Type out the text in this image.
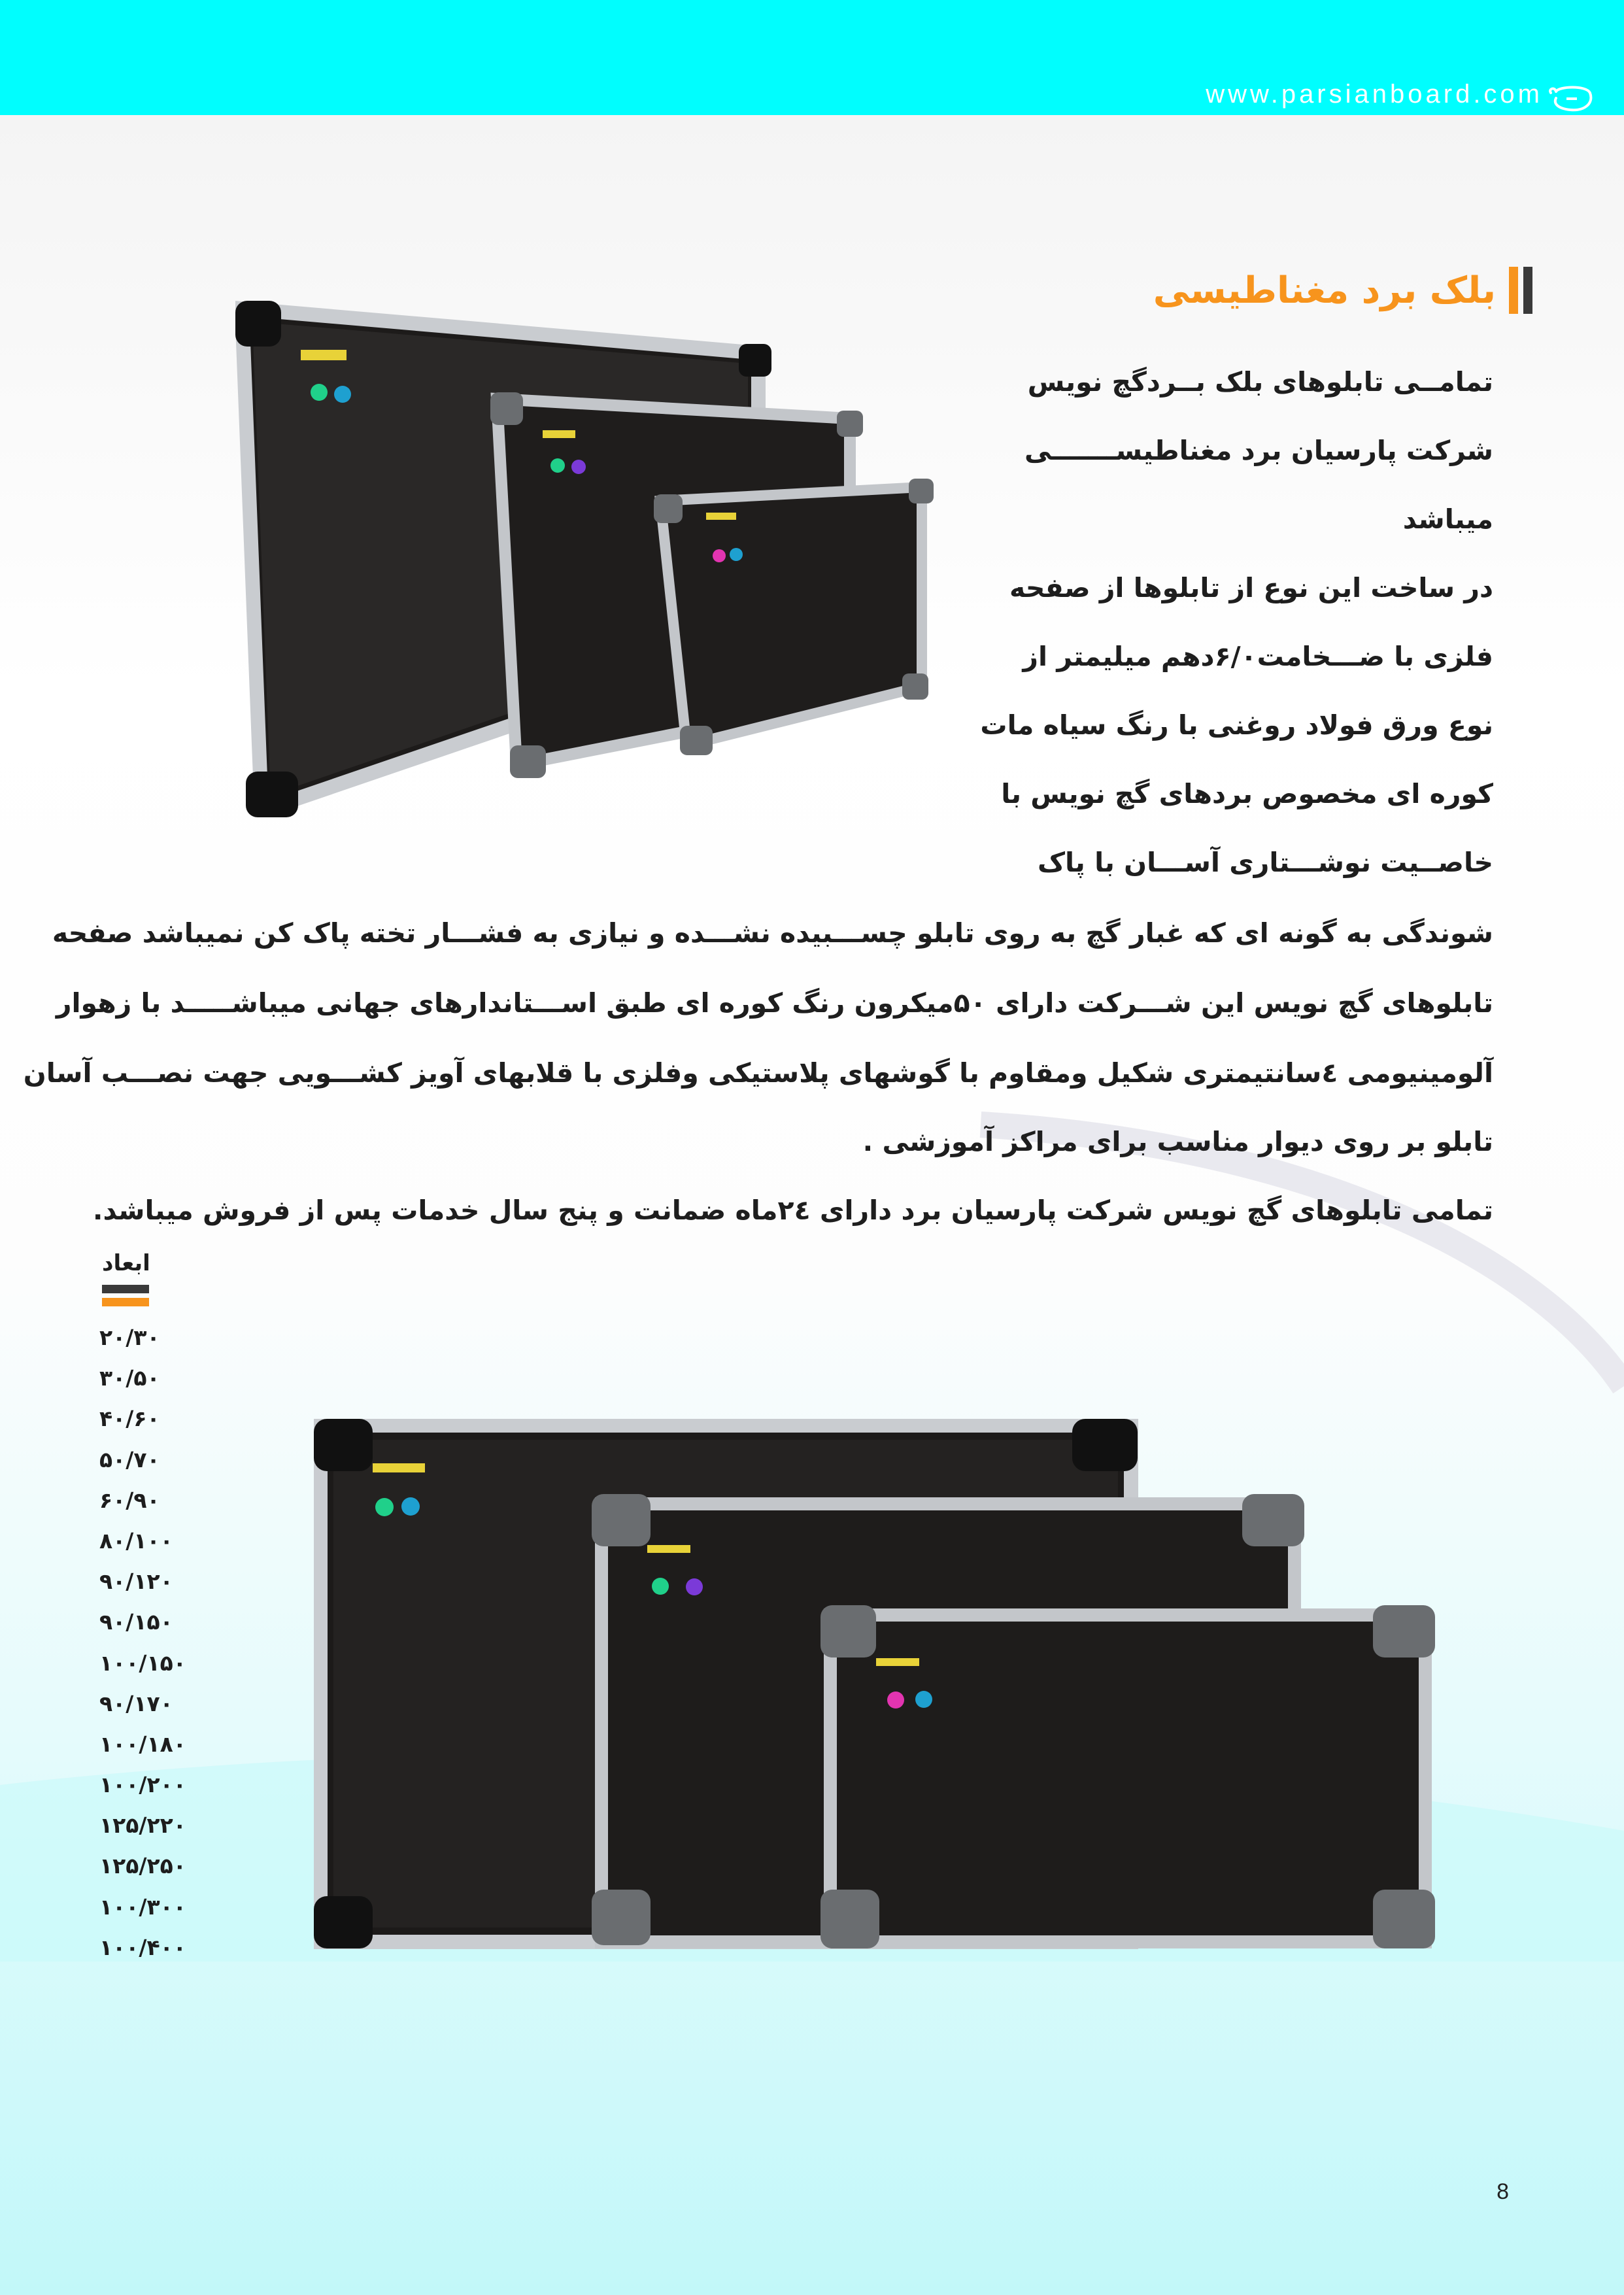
www.parsianboard.com
بلک برد مغناطیسی
تمامــی تابلوهای بلک بــردگچ نویس
شرکت پارسیان برد مغناطیســـــــی
میباشد
در ساخت این نوع از تابلوها از صفحه
فلزی با ضـــخامت۶/۰دهم میلیمتر از
نوع ورق فولاد روغنی با رنگ سیاه مات
کوره ای مخصوص بردهای گچ نویس با
خاصــیت نوشـــتاری آســـان با پاک
شوندگی به گونه ای که غبار گچ به روی تابلو چســـبیده نشـــده و نیازی به فشـــار تخته پاک کن نمیباشد صفحه
تابلوهای گچ نویس این شـــرکت دارای ۵۰میکرون رنگ کوره ای طبق اســـتاندارهای جهانی میباشـــــد با زهوار
آلومینیومی ٤سانتیمتری شکیل ومقاوم با گوشهای پلاستیکی وفلزی با قلابهای آویز کشـــویی جهت نصـــب آسان
تابلو بر روی دیوار مناسب برای مراکز آموزشی .
تمامی تابلوهای گچ نویس شرکت پارسیان برد دارای ٢٤ماه ضمانت و پنج سال خدمات پس از فروش میباشد.
ابعاد
۲۰/۳۰
۳۰/۵۰
۴۰/۶۰
۵۰/۷۰
۶۰/۹۰
۸۰/۱۰۰
۹۰/۱۲۰
۹۰/۱۵۰
۱۰۰/۱۵۰
۹۰/۱۷۰
۱۰۰/۱۸۰
۱۰۰/۲۰۰
۱۲۵/۲۲۰
۱۲۵/۲۵۰
۱۰۰/۳۰۰
۱۰۰/۴۰۰
8
